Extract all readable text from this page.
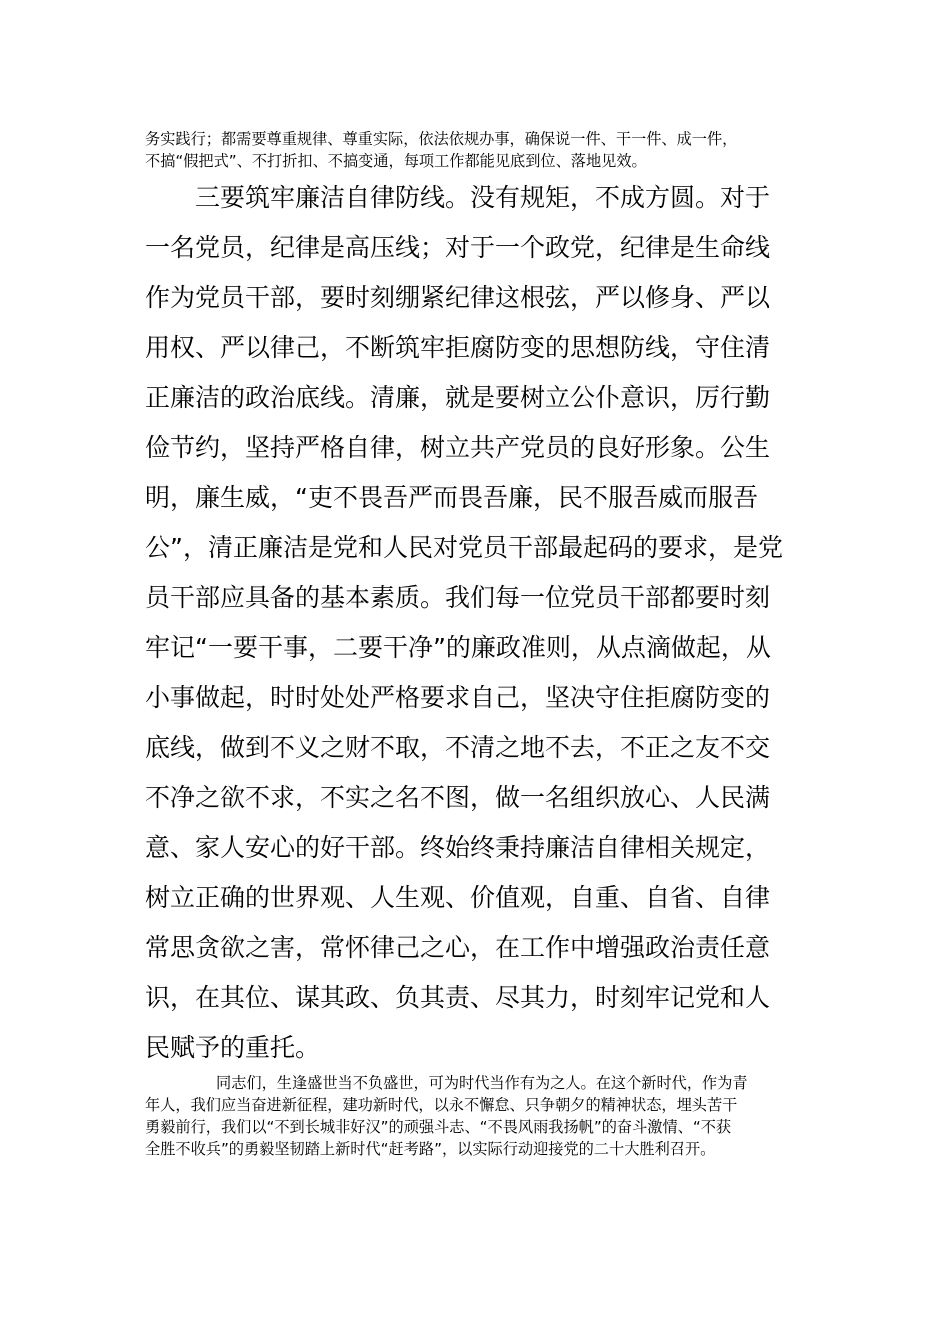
务实践行；都需要尊重规律、尊重实际，依法依规办事，确保说一件、干一件、成一件，

不搞“假把式”、不打折扣、不搞变通，每项工作都能见底到位、落地见效。

三要筑牢廉洁自律防线。没有规矩，不成方圆。对于

一名党员，纪律是高压线；对于一个政党，纪律是生命线

作为党员干部，要时刻绷紧纪律这根弦，严以修身、严以

用权、严以律己，不断筑牢拒腐防变的思想防线，守住清

正廉洁的政治底线。清廉，就是要树立公仆意识，厉行勤

俭节约，坚持严格自律，树立共产党员的良好形象。公生

明，廉生威，“吏不畏吾严而畏吾廉，民不服吾威而服吾

公”，清正廉洁是党和人民对党员干部最起码的要求，是党

员干部应具备的基本素质。我们每一位党员干部都要时刻

牢记“一要干事，二要干净”的廉政准则，从点滴做起，从

小事做起，时时处处严格要求自己，坚决守住拒腐防变的

底线，做到不义之财不取，不清之地不去，不正之友不交

不净之欲不求，不实之名不图，做一名组织放心、人民满

意、家人安心的好干部。终始终秉持廉洁自律相关规定，

树立正确的世界观、人生观、价值观，自重、自省、自律

常思贪欲之害，常怀律己之心，在工作中增强政治责任意

识，在其位、谋其政、负其责、尽其力，时刻牢记党和人

民赋予的重托。

同志们，生逢盛世当不负盛世，可为时代当作有为之人。在这个新时代，作为青

年人，我们应当奋进新征程，建功新时代，以永不懈怠、只争朝夕的精神状态，埋头苦干

勇毅前行，我们以“不到长城非好汉”的顽强斗志、“不畏风雨我扬帆”的奋斗激情、“不获

全胜不收兵”的勇毅坚韧踏上新时代“赶考路”，以实际行动迎接党的二十大胜利召开。
